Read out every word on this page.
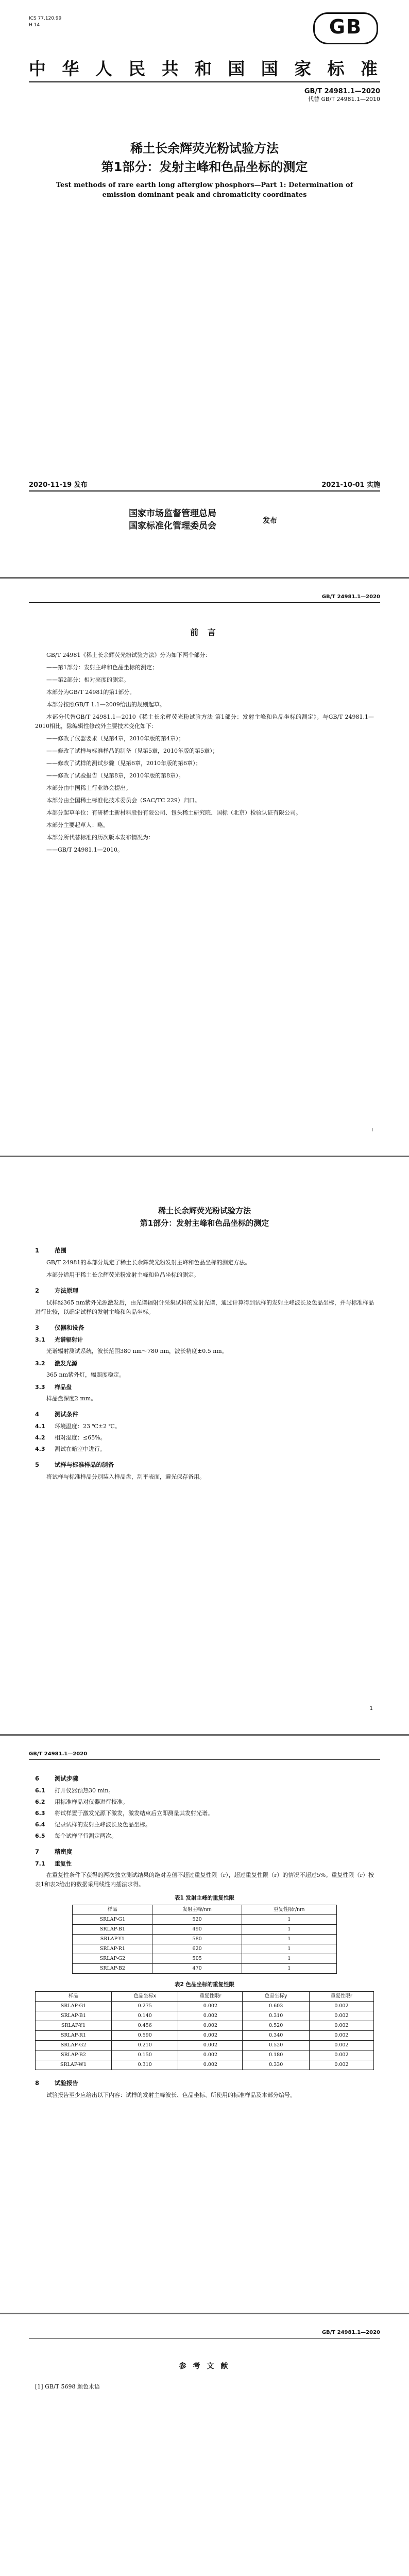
ICS 77.120.99
H 14	GB
中华人民共和国国家标准
GB/T 24981.1—2020
代替 GB/T 24981.1—2010
稀土长余辉荧光粉试验方法
第1部分：发射主峰和色品坐标的测定
Test methods of rare earth long afterglow phosphors—Part 1: Determination of emission dominant peak and chromaticity coordinates
2020-11-19 发布	2021-10-01 实施
国家市场监督管理总局
国家标准化管理委员会	发布
GB/T 24981.1—2020
前 言

GB/T 24981《稀土长余辉荧光粉试验方法》分为如下两个部分：

——第1部分：发射主峰和色品坐标的测定；

——第2部分：相对亮度的测定。

本部分为GB/T 24981的第1部分。

本部分按照GB/T 1.1—2009给出的规则起草。

本部分代替GB/T 24981.1—2010《稀土长余辉荧光粉试验方法 第1部分：发射主峰和色品坐标的测定》。与GB/T 24981.1—2010相比，除编辑性修改外主要技术变化如下：

——修改了仪器要求（见第4章，2010年版的第4章）；

——修改了试样与标准样品的制备（见第5章，2010年版的第5章）；

——修改了试样的测试步骤（见第6章，2010年版的第6章）；

——修改了试验报告（见第8章，2010年版的第8章）。

本部分由中国稀土行业协会提出。

本部分由全国稀土标准化技术委员会（SAC/TC 229）归口。

本部分起草单位：有研稀土新材料股份有限公司、包头稀土研究院、国标（北京）检验认证有限公司。

本部分主要起草人：略。

本部分所代替标准的历次版本发布情况为：

——GB/T 24981.1—2010。

I
稀土长余辉荧光粉试验方法
第1部分：发射主峰和色品坐标的测定
1	范围

GB/T 24981的本部分规定了稀土长余辉荧光粉发射主峰和色品坐标的测定方法。

本部分适用于稀土长余辉荧光粉发射主峰和色品坐标的测定。

2	方法原理

试样经365 nm紫外光源激发后，由光谱辐射计采集试样的发射光谱，通过计算得到试样的发射主峰波长及色品坐标，并与标准样品进行比较，以确定试样的发射主峰和色品坐标。

3	仪器和设备
3.1 光谱辐射计

光谱辐射测试系统，波长范围380 nm～780 nm，波长精度±0.5 nm。

3.2 激发光源

365 nm紫外灯，辐照度稳定。

3.3 样品盘

样品盘深度2 mm。

4	测试条件
4.1 环境温度：23 ℃±2 ℃。
4.2 相对湿度：≤65%。
4.3 测试在暗室中进行。
5	试样与标准样品的制备

将试样与标准样品分别装入样品盘，刮平表面，避光保存备用。

1
GB/T 24981.1—2020
6	测试步骤
6.1 打开仪器预热30 min。
6.2 用标准样品对仪器进行校准。
6.3 将试样置于激发光源下激发，激发结束后立即测量其发射光谱。
6.4 记录试样的发射主峰波长及色品坐标。
6.5 每个试样平行测定两次。
7	精密度
7.1 重复性

在重复性条件下获得的两次独立测试结果的绝对差值不超过重复性限（r），超过重复性限（r）的情况不超过5%。重复性限（r）按表1和表2给出的数据采用线性内插法求得。

表1 发射主峰的重复性限
样品	发射主峰/nm	重复性限r/nm
SRLAP-G1	520	1
SRLAP-B1	490	1
SRLAP-Y1	580	1
SRLAP-R1	620	1
SRLAP-G2	505	1
SRLAP-B2	470	1
表2 色品坐标的重复性限
样品	色品坐标x	重复性限r	色品坐标y	重复性限r
SRLAP-G1	0.275	0.002	0.603	0.002
SRLAP-B1	0.140	0.002	0.310	0.002
SRLAP-Y1	0.456	0.002	0.520	0.002
SRLAP-R1	0.590	0.002	0.340	0.002
SRLAP-G2	0.210	0.002	0.520	0.002
SRLAP-B2	0.150	0.002	0.180	0.002
SRLAP-W1	0.310	0.002	0.330	0.002
8	试验报告

试验报告至少应给出以下内容：试样的发射主峰波长、色品坐标、所使用的标准样品及本部分编号。

GB/T 24981.1—2020
参 考 文 献

[1] GB/T 5698 颜色术语
